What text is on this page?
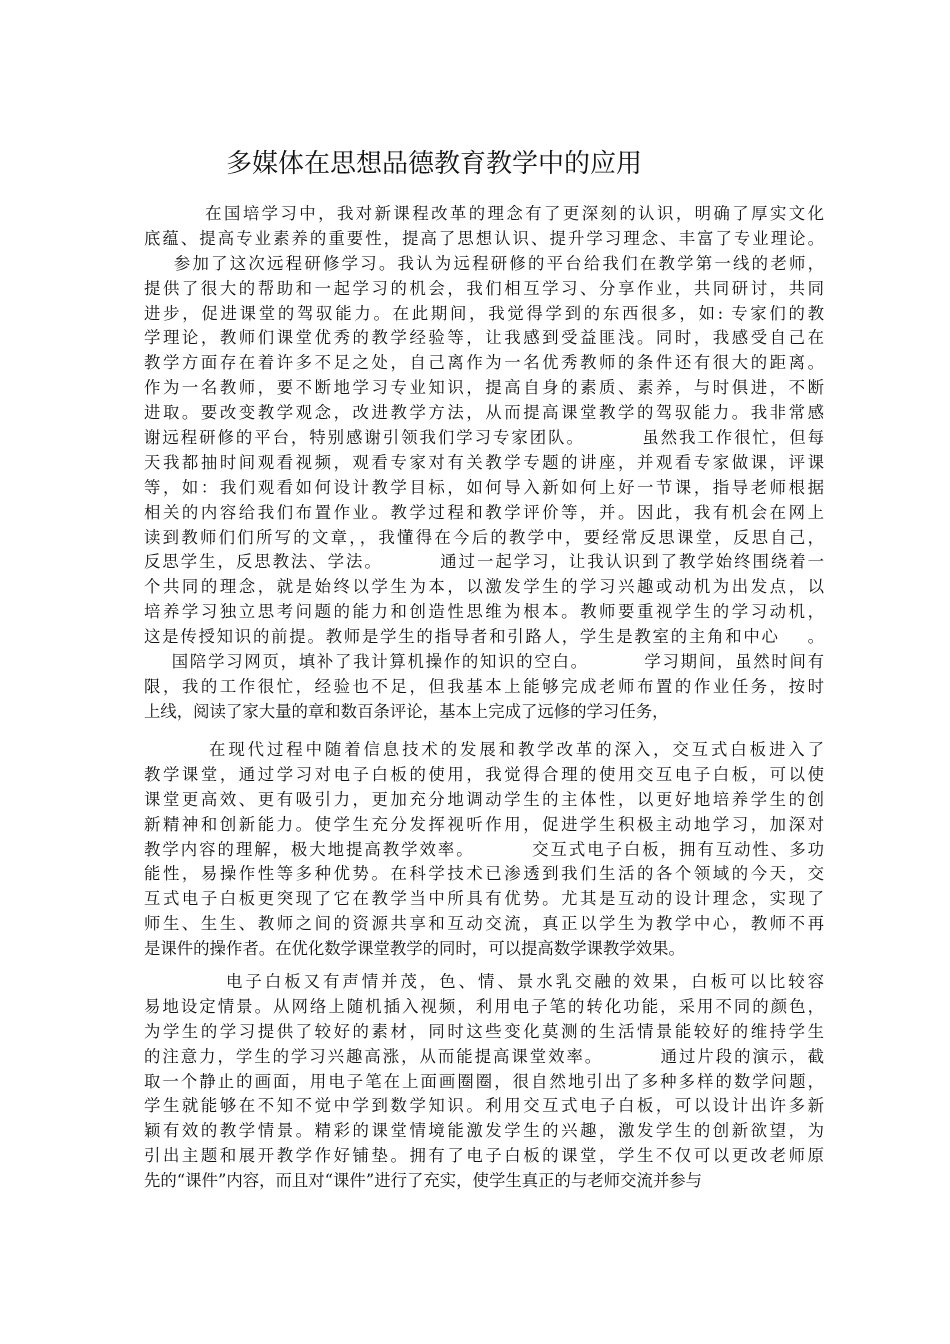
多媒体在思想品德教育教学中的应用
在国培学习中，我对新课程改革的理念有了更深刻的认识，明确了厚实文化
底蕴、提高专业素养的重要性，提高了思想认识、提升学习理念、丰富了专业理论。
参加了这次远程研修学习。我认为远程研修的平台给我们在教学第一线的老师，
提供了很大的帮助和一起学习的机会，我们相互学习、分享作业，共同研讨，共同
进步，促进课堂的驾驭能力。在此期间，我觉得学到的东西很多，如: 专家们的教
学理论，教师们课堂优秀的教学经验等，让我感到受益匪浅。同时，我感受自己在
教学方面存在着许多不足之处，自己离作为一名优秀教师的条件还有很大的距离。
作为一名教师，要不断地学习专业知识，提高自身的素质、素养，与时俱进，不断
进取。要改变教学观念，改进教学方法，从而提高课堂教学的驾驭能力。我非常感
谢远程研修的平台，特别感谢引领我们学习专家团队。        虽然我工作很忙，但每
天我都抽时间观看视频，观看专家对有关教学专题的讲座，并观看专家做课，评课
等，如：我们观看如何设计教学目标，如何导入新如何上好一节课，指导老师根据
相关的内容给我们布置作业。教学过程和教学评价等，并。因此，我有机会在网上
读到教师们们所写的文章，，我懂得在今后的教学中，要经常反思课堂，反思自己，
反思学生，反思教法、学法。        通过一起学习，让我认识到了教学始终围绕着一
个共同的理念，就是始终以学生为本，以激发学生的学习兴趣或动机为出发点，以
培养学习独立思考问题的能力和创造性思维为根本。教师要重视学生的学习动机，
这是传授知识的前提。教师是学生的指导者和引路人，学生是教室的主角和中心    。
国陪学习网页，填补了我计算机操作的知识的空白。        学习期间，虽然时间有
限，我的工作很忙，经验也不足，但我基本上能够完成老师布置的作业任务，按时
上线，阅读了家大量的章和数百条评论，基本上完成了远修的学习任务，
在现代过程中随着信息技术的发展和教学改革的深入，交互式白板进入了
教学课堂，通过学习对电子白板的使用，我觉得合理的使用交互电子白板，可以使
课堂更高效、更有吸引力，更加充分地调动学生的主体性，以更好地培养学生的创
新精神和创新能力。使学生充分发挥视听作用，促进学生积极主动地学习，加深对
教学内容的理解，极大地提高教学效率。        交互式电子白板，拥有互动性、多功
能性，易操作性等多种优势。在科学技术已渗透到我们生活的各个领域的今天，交
互式电子白板更突现了它在教学当中所具有优势。尤其是互动的设计理念，实现了
师生、生生、教师之间的资源共享和互动交流，真正以学生为教学中心，教师不再
是课件的操作者。在优化数学课堂教学的同时，可以提高数学课教学效果。
电子白板又有声情并茂，色、情、景水乳交融的效果，白板可以比较容
易地设定情景。从网络上随机插入视频，利用电子笔的转化功能，采用不同的颜色，
为学生的学习提供了较好的素材，同时这些变化莫测的生活情景能较好的维持学生
的注意力，学生的学习兴趣高涨，从而能提高课堂效率。        通过片段的演示，截
取一个静止的画面，用电子笔在上面画圈圈，很自然地引出了多种多样的数学问题，
学生就能够在不知不觉中学到数学知识。利用交互式电子白板，可以设计出许多新
颖有效的教学情景。精彩的课堂情境能激发学生的兴趣，激发学生的创新欲望，为
引出主题和展开教学作好铺垫。拥有了电子白板的课堂，学生不仅可以更改老师原
先的“课件”内容，而且对“课件”进行了充实，使学生真正的与老师交流并参与
